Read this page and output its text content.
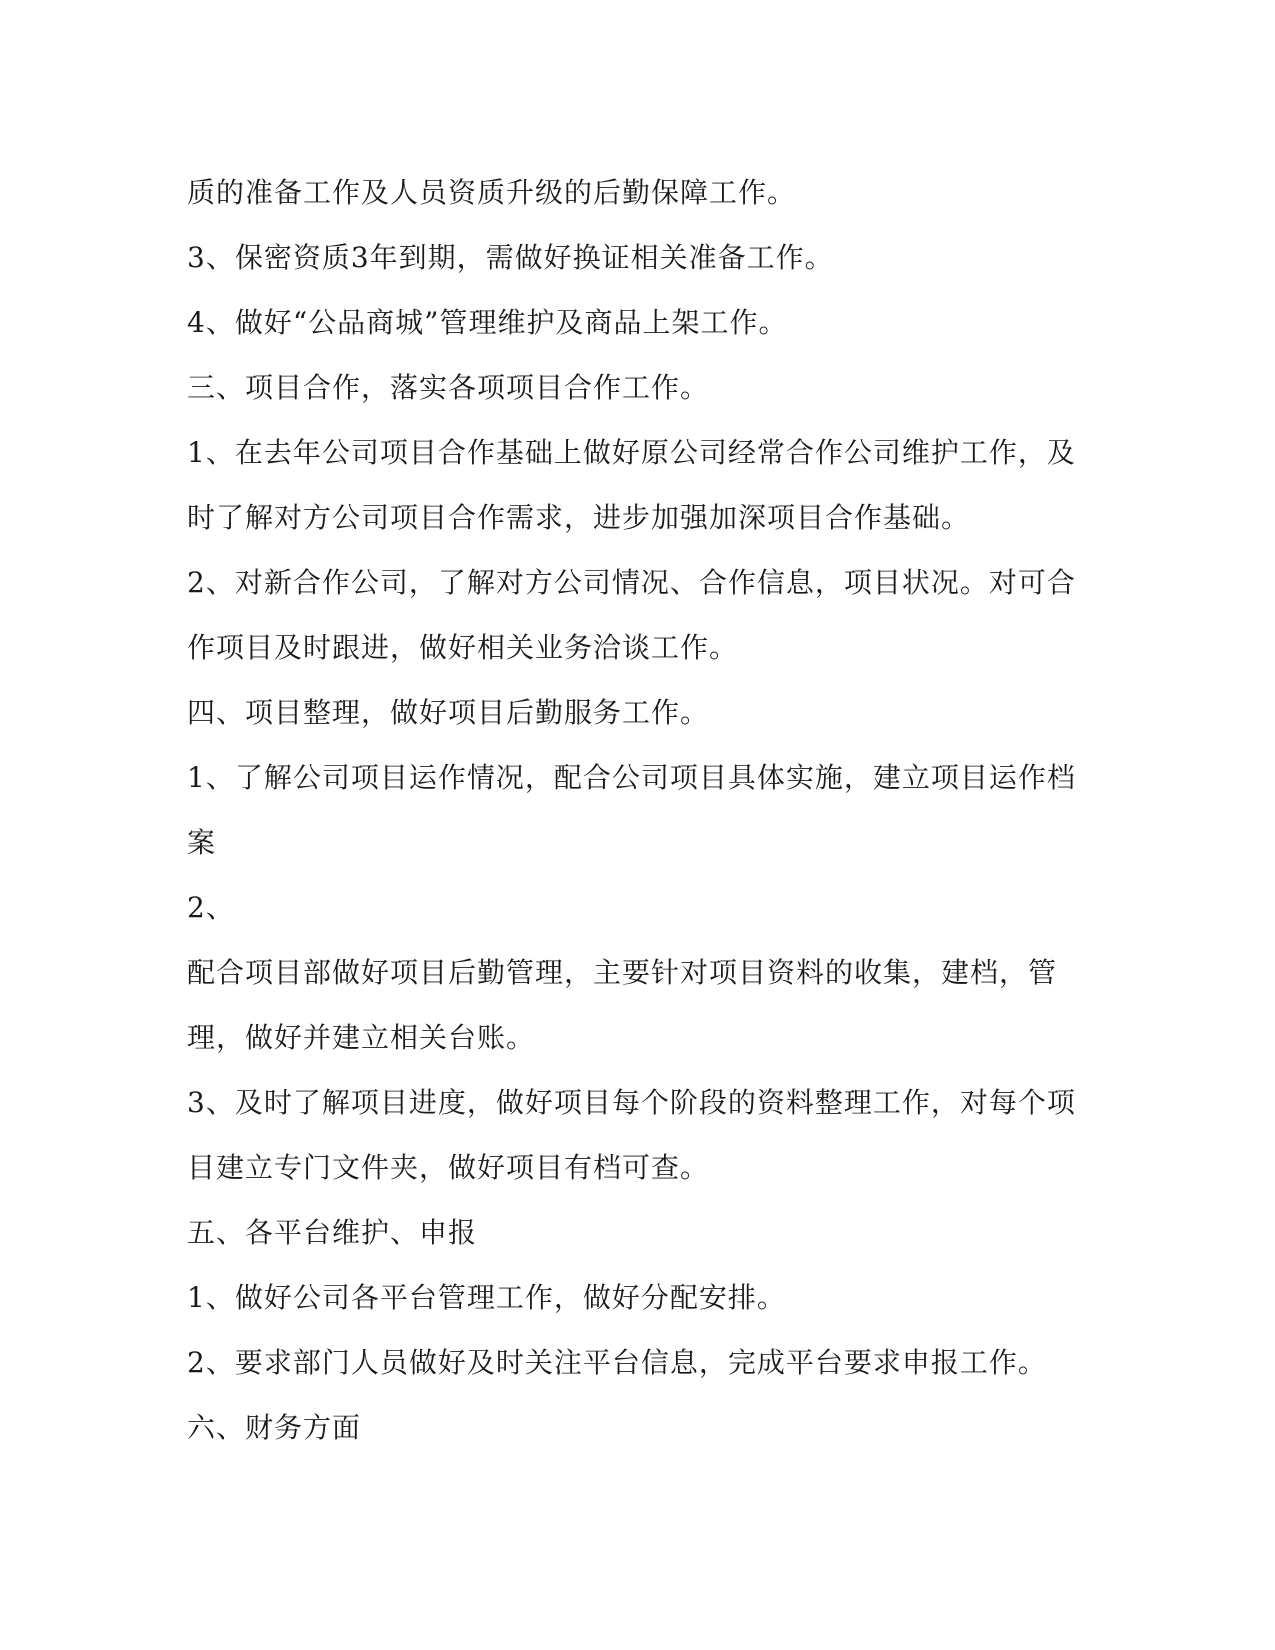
质的准备工作及人员资质升级的后勤保障工作。

3、保密资质3年到期，需做好换证相关准备工作。

4、做好“公品商城”管理维护及商品上架工作。

三、项目合作，落实各项项目合作工作。

1、在去年公司项目合作基础上做好原公司经常合作公司维护工作，及

时了解对方公司项目合作需求，进步加强加深项目合作基础。

2、对新合作公司，了解对方公司情况、合作信息，项目状况。对可合

作项目及时跟进，做好相关业务洽谈工作。

四、项目整理，做好项目后勤服务工作。

1、了解公司项目运作情况，配合公司项目具体实施，建立项目运作档

案

2、

配合项目部做好项目后勤管理，主要针对项目资料的收集，建档，管

理，做好并建立相关台账。

3、及时了解项目进度，做好项目每个阶段的资料整理工作，对每个项

目建立专门文件夹，做好项目有档可查。

五、各平台维护、申报

1、做好公司各平台管理工作，做好分配安排。

2、要求部门人员做好及时关注平台信息，完成平台要求申报工作。

六、财务方面
